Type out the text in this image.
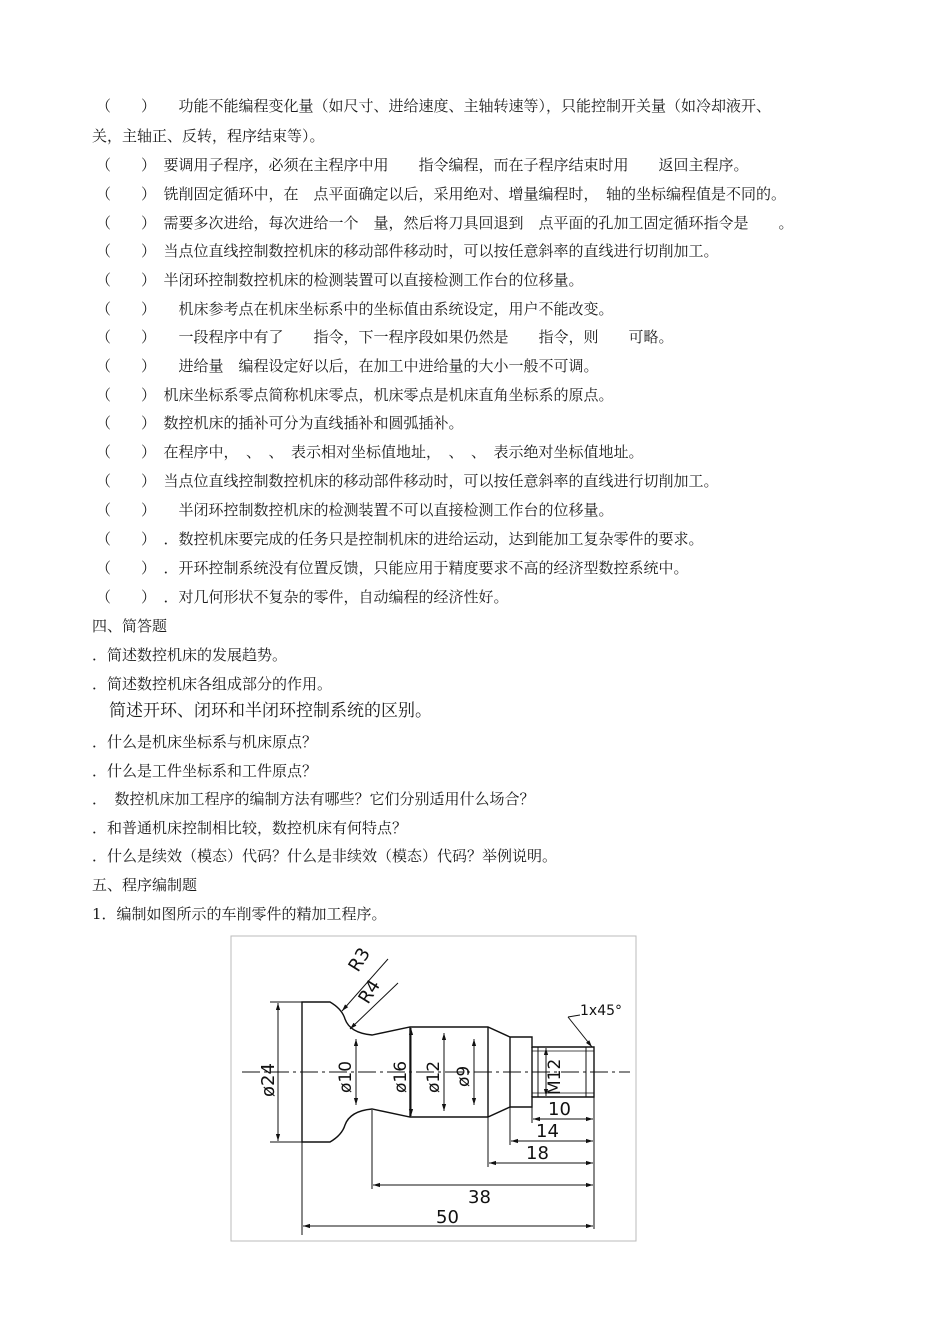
（　　）　　功能不能编程变化量（如尺寸、进给速度、主轴转速等），只能控制开关量（如冷却液开、
关，主轴正、反转，程序结束等）。
（　　）　要调用子程序，必须在主程序中用　　指令编程，而在子程序结束时用　　返回主程序。
（　　）　铣削固定循环中，在　点平面确定以后，采用绝对、增量编程时，　轴的坐标编程值是不同的。
（　　）　需要多次进给，每次进给一个　量，然后将刀具回退到　点平面的孔加工固定循环指令是　　。
（　　）　当点位直线控制数控机床的移动部件移动时，可以按任意斜率的直线进行切削加工。
（　　）　半闭环控制数控机床的检测装置可以直接检测工作台的位移量。
（　　）　　机床参考点在机床坐标系中的坐标值由系统设定，用户不能改变。
（　　）　　一段程序中有了　　指令，下一程序段如果仍然是　　指令，则　　可略。
（　　）　　进给量　编程设定好以后，在加工中进给量的大小一般不可调。
（　　）　机床坐标系零点简称机床零点，机床零点是机床直角坐标系的原点。
（　　）　数控机床的插补可分为直线插补和圆弧插补。
（　　）　在程序中，　、　、　表示相对坐标值地址，　、　、　表示绝对坐标值地址。
（　　）　当点位直线控制数控机床的移动部件移动时，可以按任意斜率的直线进行切削加工。
（　　）　　半闭环控制数控机床的检测装置不可以直接检测工作台的位移量。
（　　）　．数控机床要完成的任务只是控制机床的进给运动，达到能加工复杂零件的要求。
（　　）　．开环控制系统没有位置反馈，只能应用于精度要求不高的经济型数控系统中。
（　　）　．对几何形状不复杂的零件，自动编程的经济性好。
四、简答题
．简述数控机床的发展趋势。
．简述数控机床各组成部分的作用。
　简述开环、闭环和半闭环控制系统的区别。
．什么是机床坐标系与机床原点？
．什么是工件坐标系和工件原点？
．　数控机床加工程序的编制方法有哪些？它们分别适用什么场合？
．和普通机床控制相比较，数控机床有何特点？
．什么是续效（模态）代码？什么是非续效（模态）代码？举例说明。
五、程序编制题
1．编制如图所示的车削零件的精加工程序。
R3
R4
1x45°
ø24	ø10 ø16 ø12 ø9	M12
10
14
18
38
50
